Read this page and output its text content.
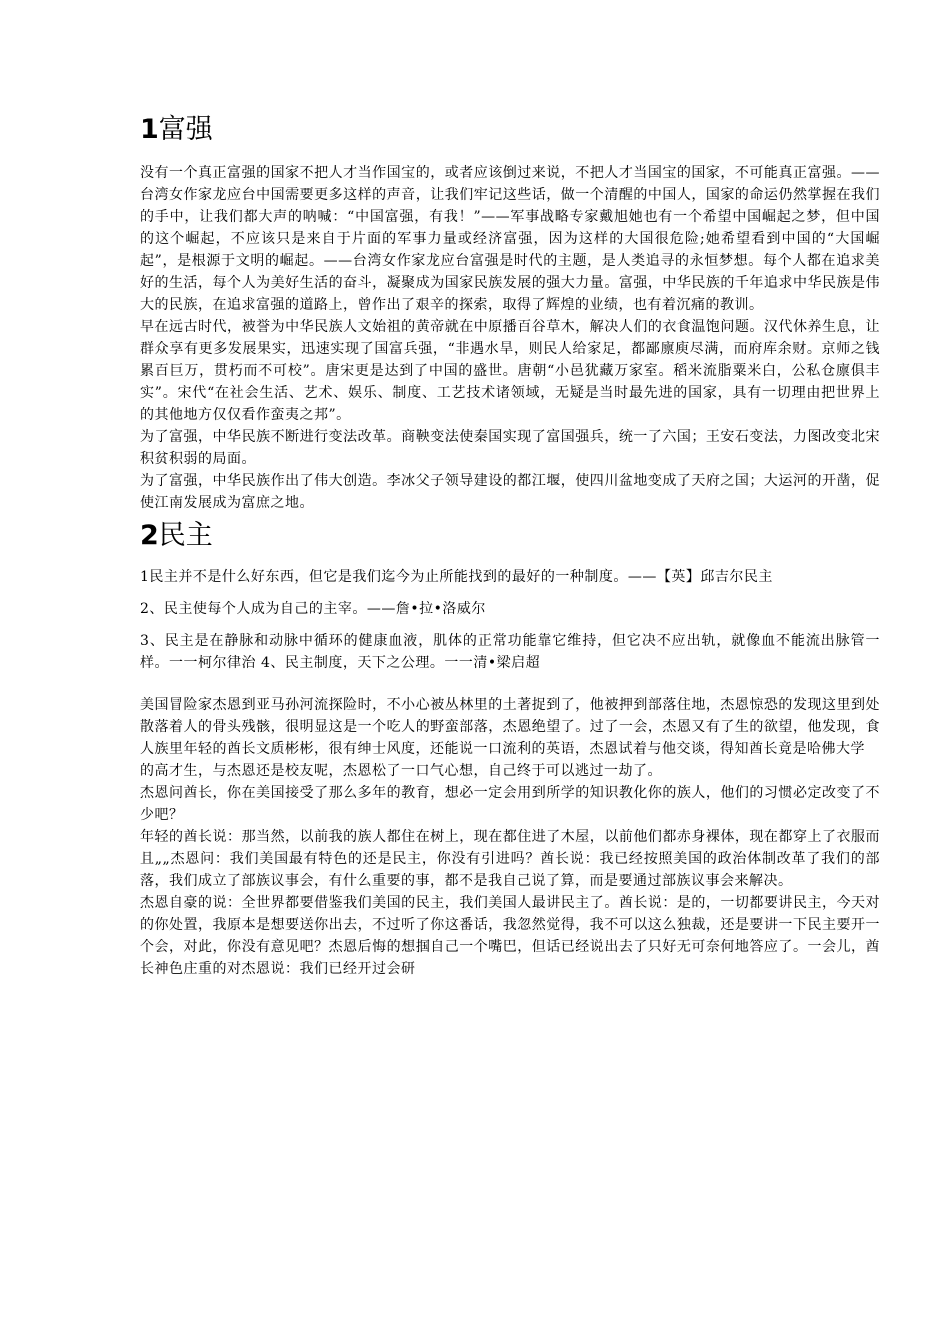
1富强

没有一个真正富强的国家不把人才当作国宝的，或者应该倒过来说，不把人才当国宝的国家，不可能真正富强。——台湾女作家龙应台中国需要更多这样的声音，让我们牢记这些话，做一个清醒的中国人，国家的命运仍然掌握在我们的手中，让我们都大声的呐喊：“中国富强，有我！”——军事战略专家戴旭她也有一个希望中国崛起之梦，但中国的这个崛起，不应该只是来自于片面的军事力量或经济富强，因为这样的大国很危险;她希望看到中国的“大国崛起”，是根源于文明的崛起。——台湾女作家龙应台富强是时代的主题，是人类追寻的永恒梦想。每个人都在追求美好的生活，每个人为美好生活的奋斗，凝聚成为国家民族发展的强大力量。富强，中华民族的千年追求中华民族是伟大的民族，在追求富强的道路上，曾作出了艰辛的探索，取得了辉煌的业绩，也有着沉痛的教训。

早在远古时代，被誉为中华民族人文始祖的黄帝就在中原播百谷草木，解决人们的衣食温饱问题。汉代休养生息，让群众享有更多发展果实，迅速实现了国富兵强，“非遇水旱，则民人给家足，都鄙廪庾尽满，而府库余财。京师之钱累百巨万，贯朽而不可校”。唐宋更是达到了中国的盛世。唐朝“小邑犹藏万家室。稻米流脂粟米白，公私仓廪俱丰实”。宋代“在社会生活、艺术、娱乐、制度、工艺技术诸领域，无疑是当时最先进的国家，具有一切理由把世界上的其他地方仅仅看作蛮夷之邦”。

为了富强，中华民族不断进行变法改革。商鞅变法使秦国实现了富国强兵，统一了六国；王安石变法，力图改变北宋积贫积弱的局面。

为了富强，中华民族作出了伟大创造。李冰父子领导建设的都江堰，使四川盆地变成了天府之国；大运河的开凿，促使江南发展成为富庶之地。

2民主

1民主并不是什么好东西，但它是我们迄今为止所能找到的最好的一种制度。——【英】邱吉尔民主

2、民主使每个人成为自己的主宰。——詹•拉•洛威尔

3、民主是在静脉和动脉中循环的健康血液，肌体的正常功能靠它维持，但它决不应出轨，就像血不能流出脉管一样。一一柯尔律治 4、民主制度，天下之公理。一一清•梁启超

美国冒险家杰恩到亚马孙河流探险时，不小心被丛林里的土著捉到了，他被押到部落住地，杰恩惊恐的发现这里到处散落着人的骨头残骸，很明显这是一个吃人的野蛮部落，杰恩绝望了。过了一会，杰恩又有了生的欲望，他发现，食人族里年轻的酋长文质彬彬，很有绅士风度，还能说一口流利的英语，杰恩试着与他交谈，得知酋长竟是哈佛大学

的高才生，与杰恩还是校友呢，杰恩松了一口气心想，自己终于可以逃过一劫了。

杰恩问酋长，你在美国接受了那么多年的教育，想必一定会用到所学的知识教化你的族人，他们的习惯必定改变了不少吧？

年轻的酋长说：那当然，以前我的族人都住在树上，现在都住进了木屋，以前他们都赤身裸体，现在都穿上了衣服而且„„杰恩问：我们美国最有特色的还是民主，你没有引进吗？酋长说：我已经按照美国的政治体制改革了我们的部落，我们成立了部族议事会，有什么重要的事，都不是我自己说了算，而是要通过部族议事会来解决。

杰恩自豪的说：全世界都要借鉴我们美国的民主，我们美国人最讲民主了。酋长说：是的，一切都要讲民主，今天对的你处置，我原本是想要送你出去，不过听了你这番话，我忽然觉得，我不可以这么独裁，还是要讲一下民主要开一个会，对此，你没有意见吧？杰恩后悔的想掴自己一个嘴巴，但话已经说出去了只好无可奈何地答应了。一会儿，酋长神色庄重的对杰恩说：我们已经开过会研
